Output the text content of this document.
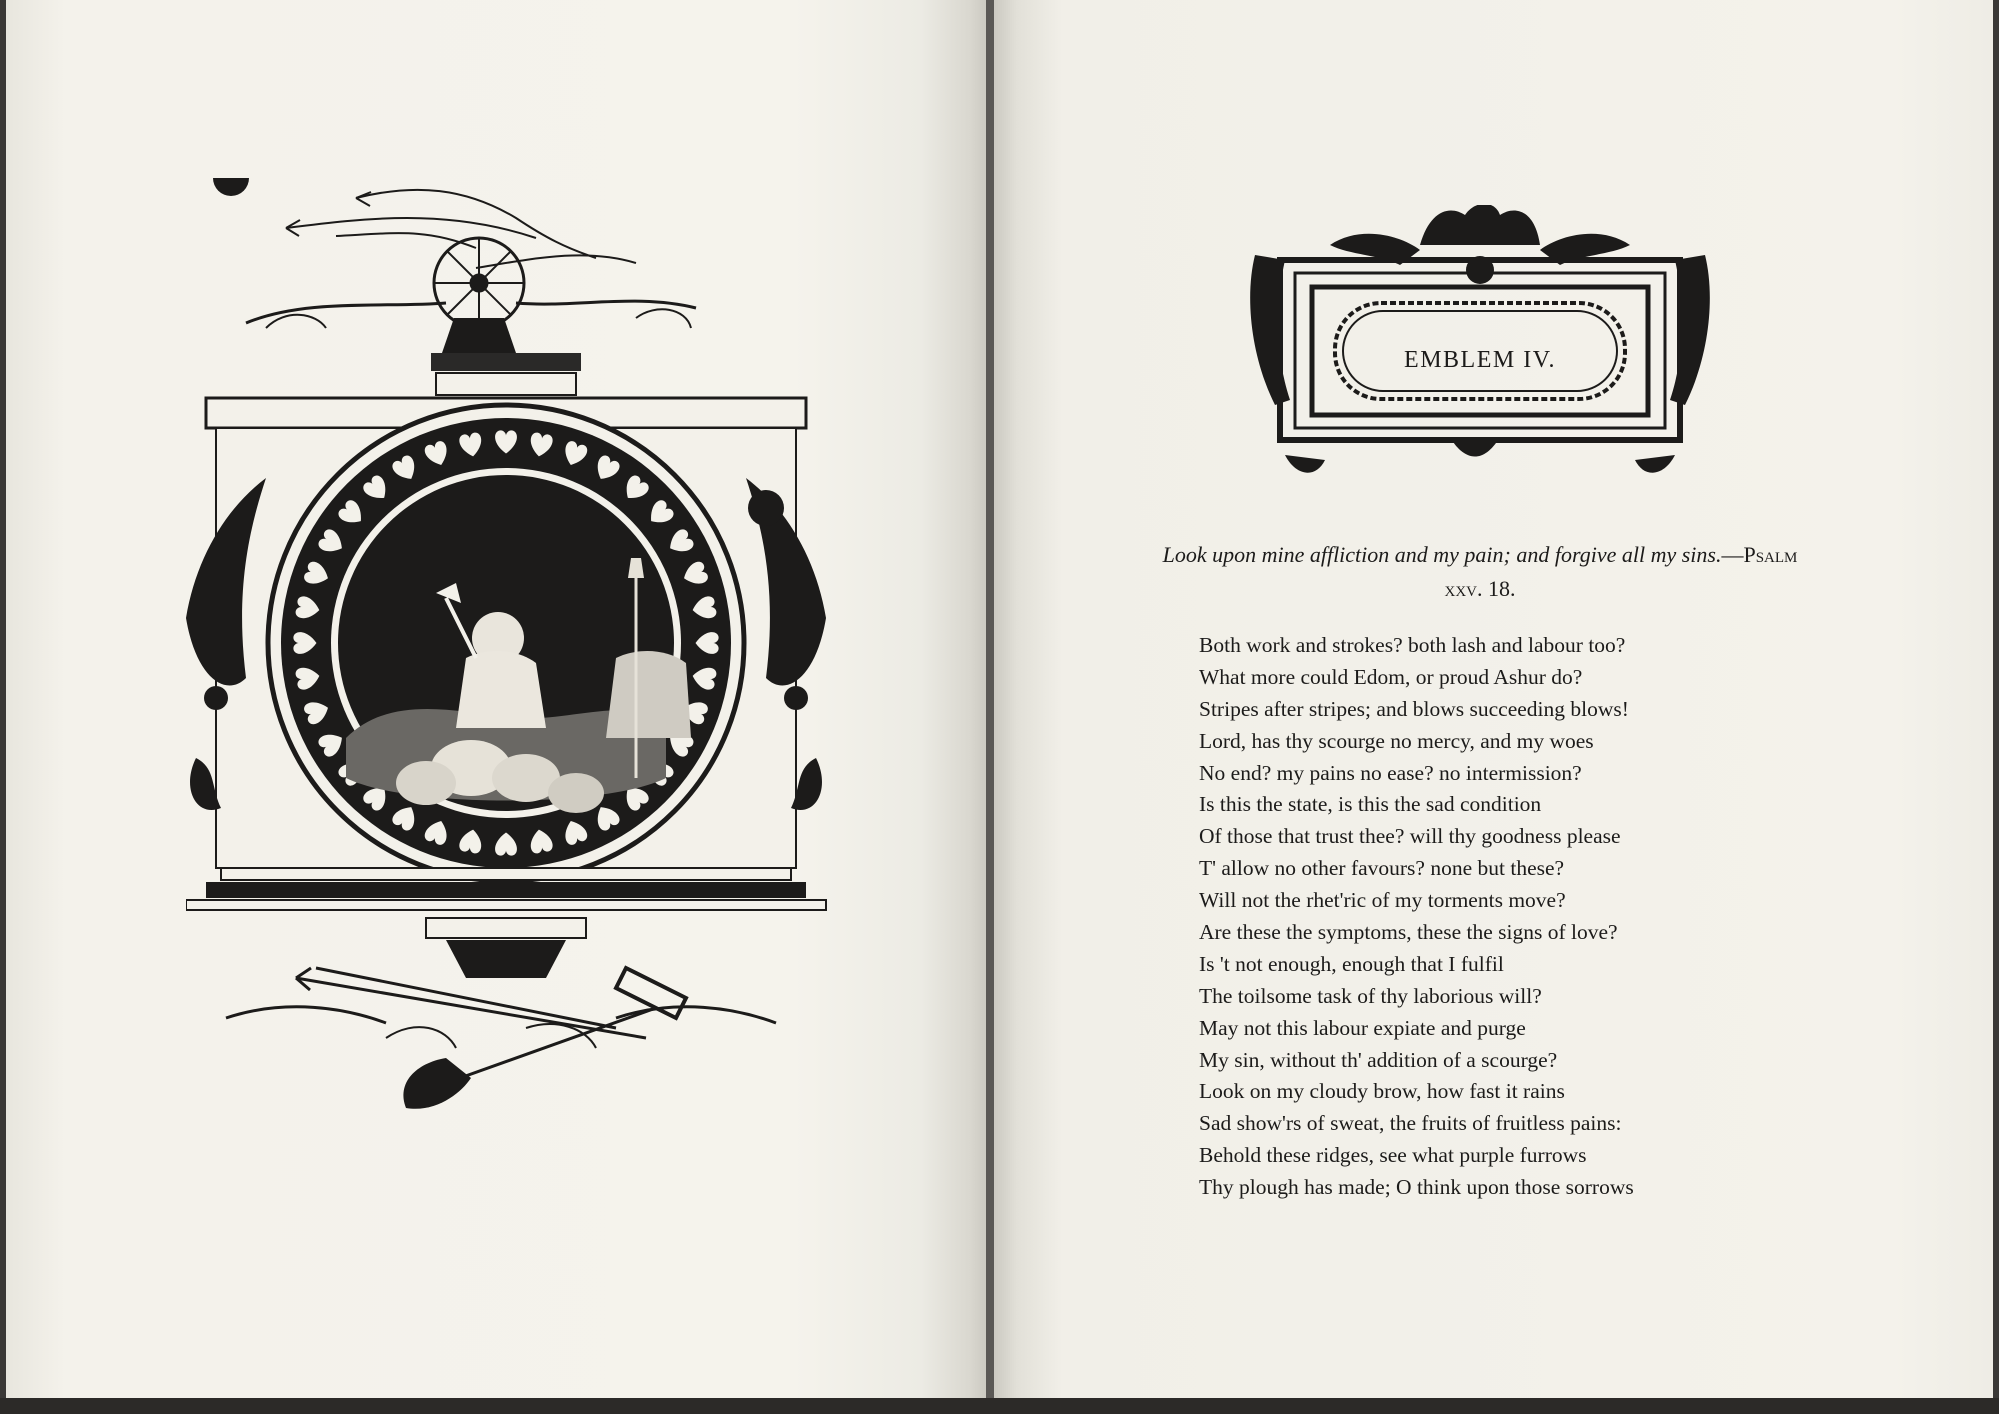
EMBLEM IV.
Look upon mine affliction and my pain; and forgive all my sins.—Psalm xxv. 18.
Both work and strokes? both lash and labour too?
What more could Edom, or proud Ashur do?
Stripes after stripes; and blows succeeding blows!
Lord, has thy scourge no mercy, and my woes
No end? my pains no ease? no intermission?
Is this the state, is this the sad condition
Of those that trust thee? will thy goodness please
T' allow no other favours? none but these?
Will not the rhet'ric of my torments move?
Are these the symptoms, these the signs of love?
Is 't not enough, enough that I fulfil
The toilsome task of thy laborious will?
May not this labour expiate and purge
My sin, without th' addition of a scourge?
Look on my cloudy brow, how fast it rains
Sad show'rs of sweat, the fruits of fruitless pains:
Behold these ridges, see what purple furrows
Thy plough has made; O think upon those sorrows
